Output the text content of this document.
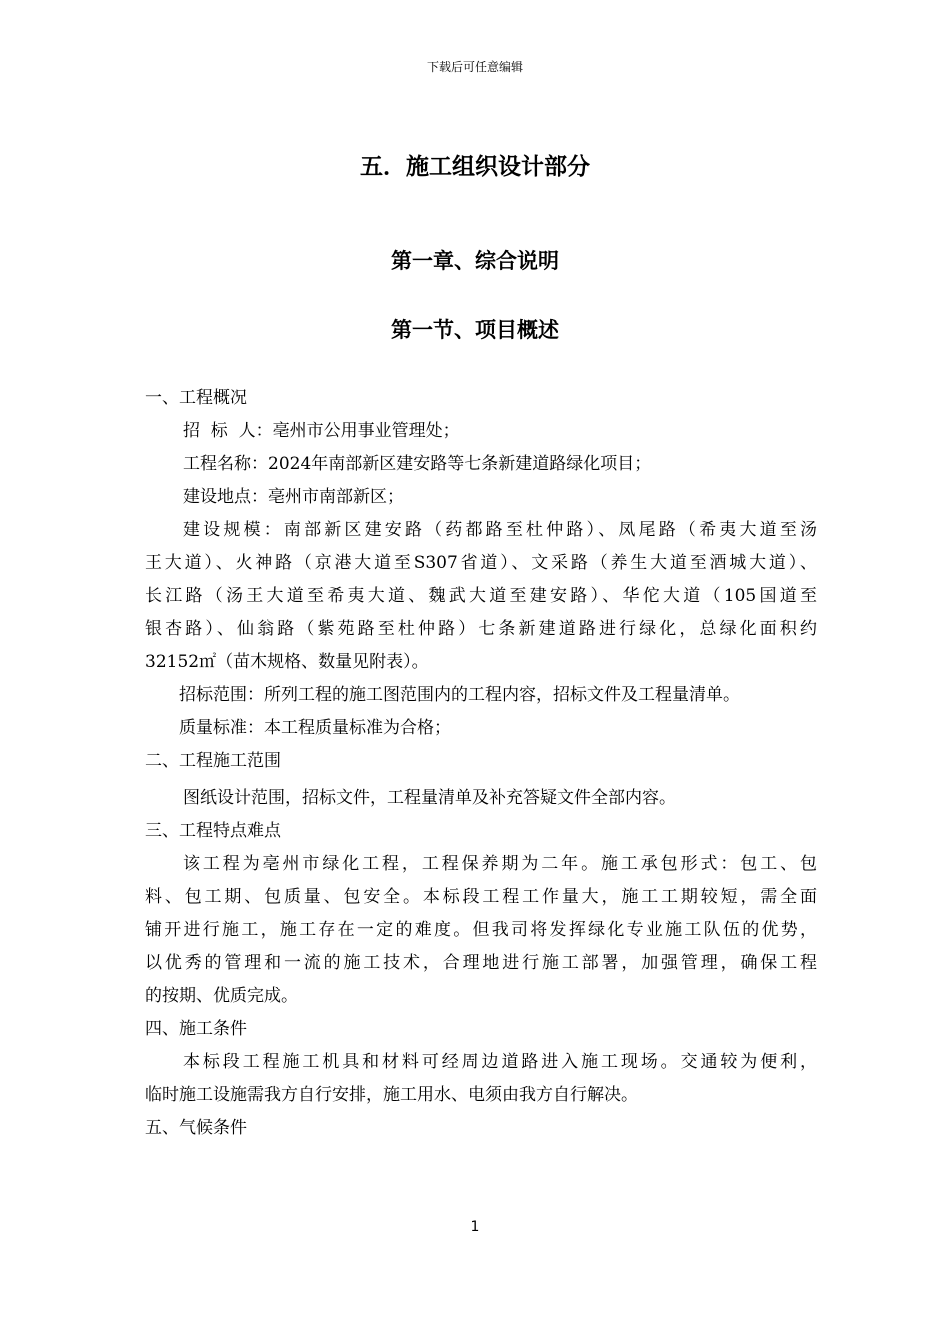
下载后可任意编辑
五．施工组织设计部分
第一章、综合说明
第一节、项目概述
一、工程概况
招  标  人：亳州市公用事业管理处；
工程名称：2024年南部新区建安路等七条新建道路绿化项目；
建设地点：亳州市南部新区；
建设规模：南部新区建安路（药都路至杜仲路）、凤尾路（希夷大道至汤
王大道）、火神路（京港大道至S307省道）、文采路（养生大道至酒城大道）、
长江路（汤王大道至希夷大道、魏武大道至建安路）、华佗大道（105国道至
银杏路）、仙翁路（紫苑路至杜仲路）七条新建道路进行绿化，总绿化面积约
32152㎡（苗木规格、数量见附表）。
招标范围：所列工程的施工图范围内的工程内容，招标文件及工程量清单。
质量标准：本工程质量标准为合格；
二、工程施工范围
图纸设计范围，招标文件，工程量清单及补充答疑文件全部内容。
三、工程特点难点
该工程为亳州市绿化工程，工程保养期为二年。施工承包形式：包工、包
料、包工期、包质量、包安全。本标段工程工作量大，施工工期较短，需全面
铺开进行施工，施工存在一定的难度。但我司将发挥绿化专业施工队伍的优势，
以优秀的管理和一流的施工技术，合理地进行施工部署，加强管理，确保工程
的按期、优质完成。
四、施工条件
本标段工程施工机具和材料可经周边道路进入施工现场。交通较为便利，
临时施工设施需我方自行安排，施工用水、电须由我方自行解决。
五、气候条件
1
